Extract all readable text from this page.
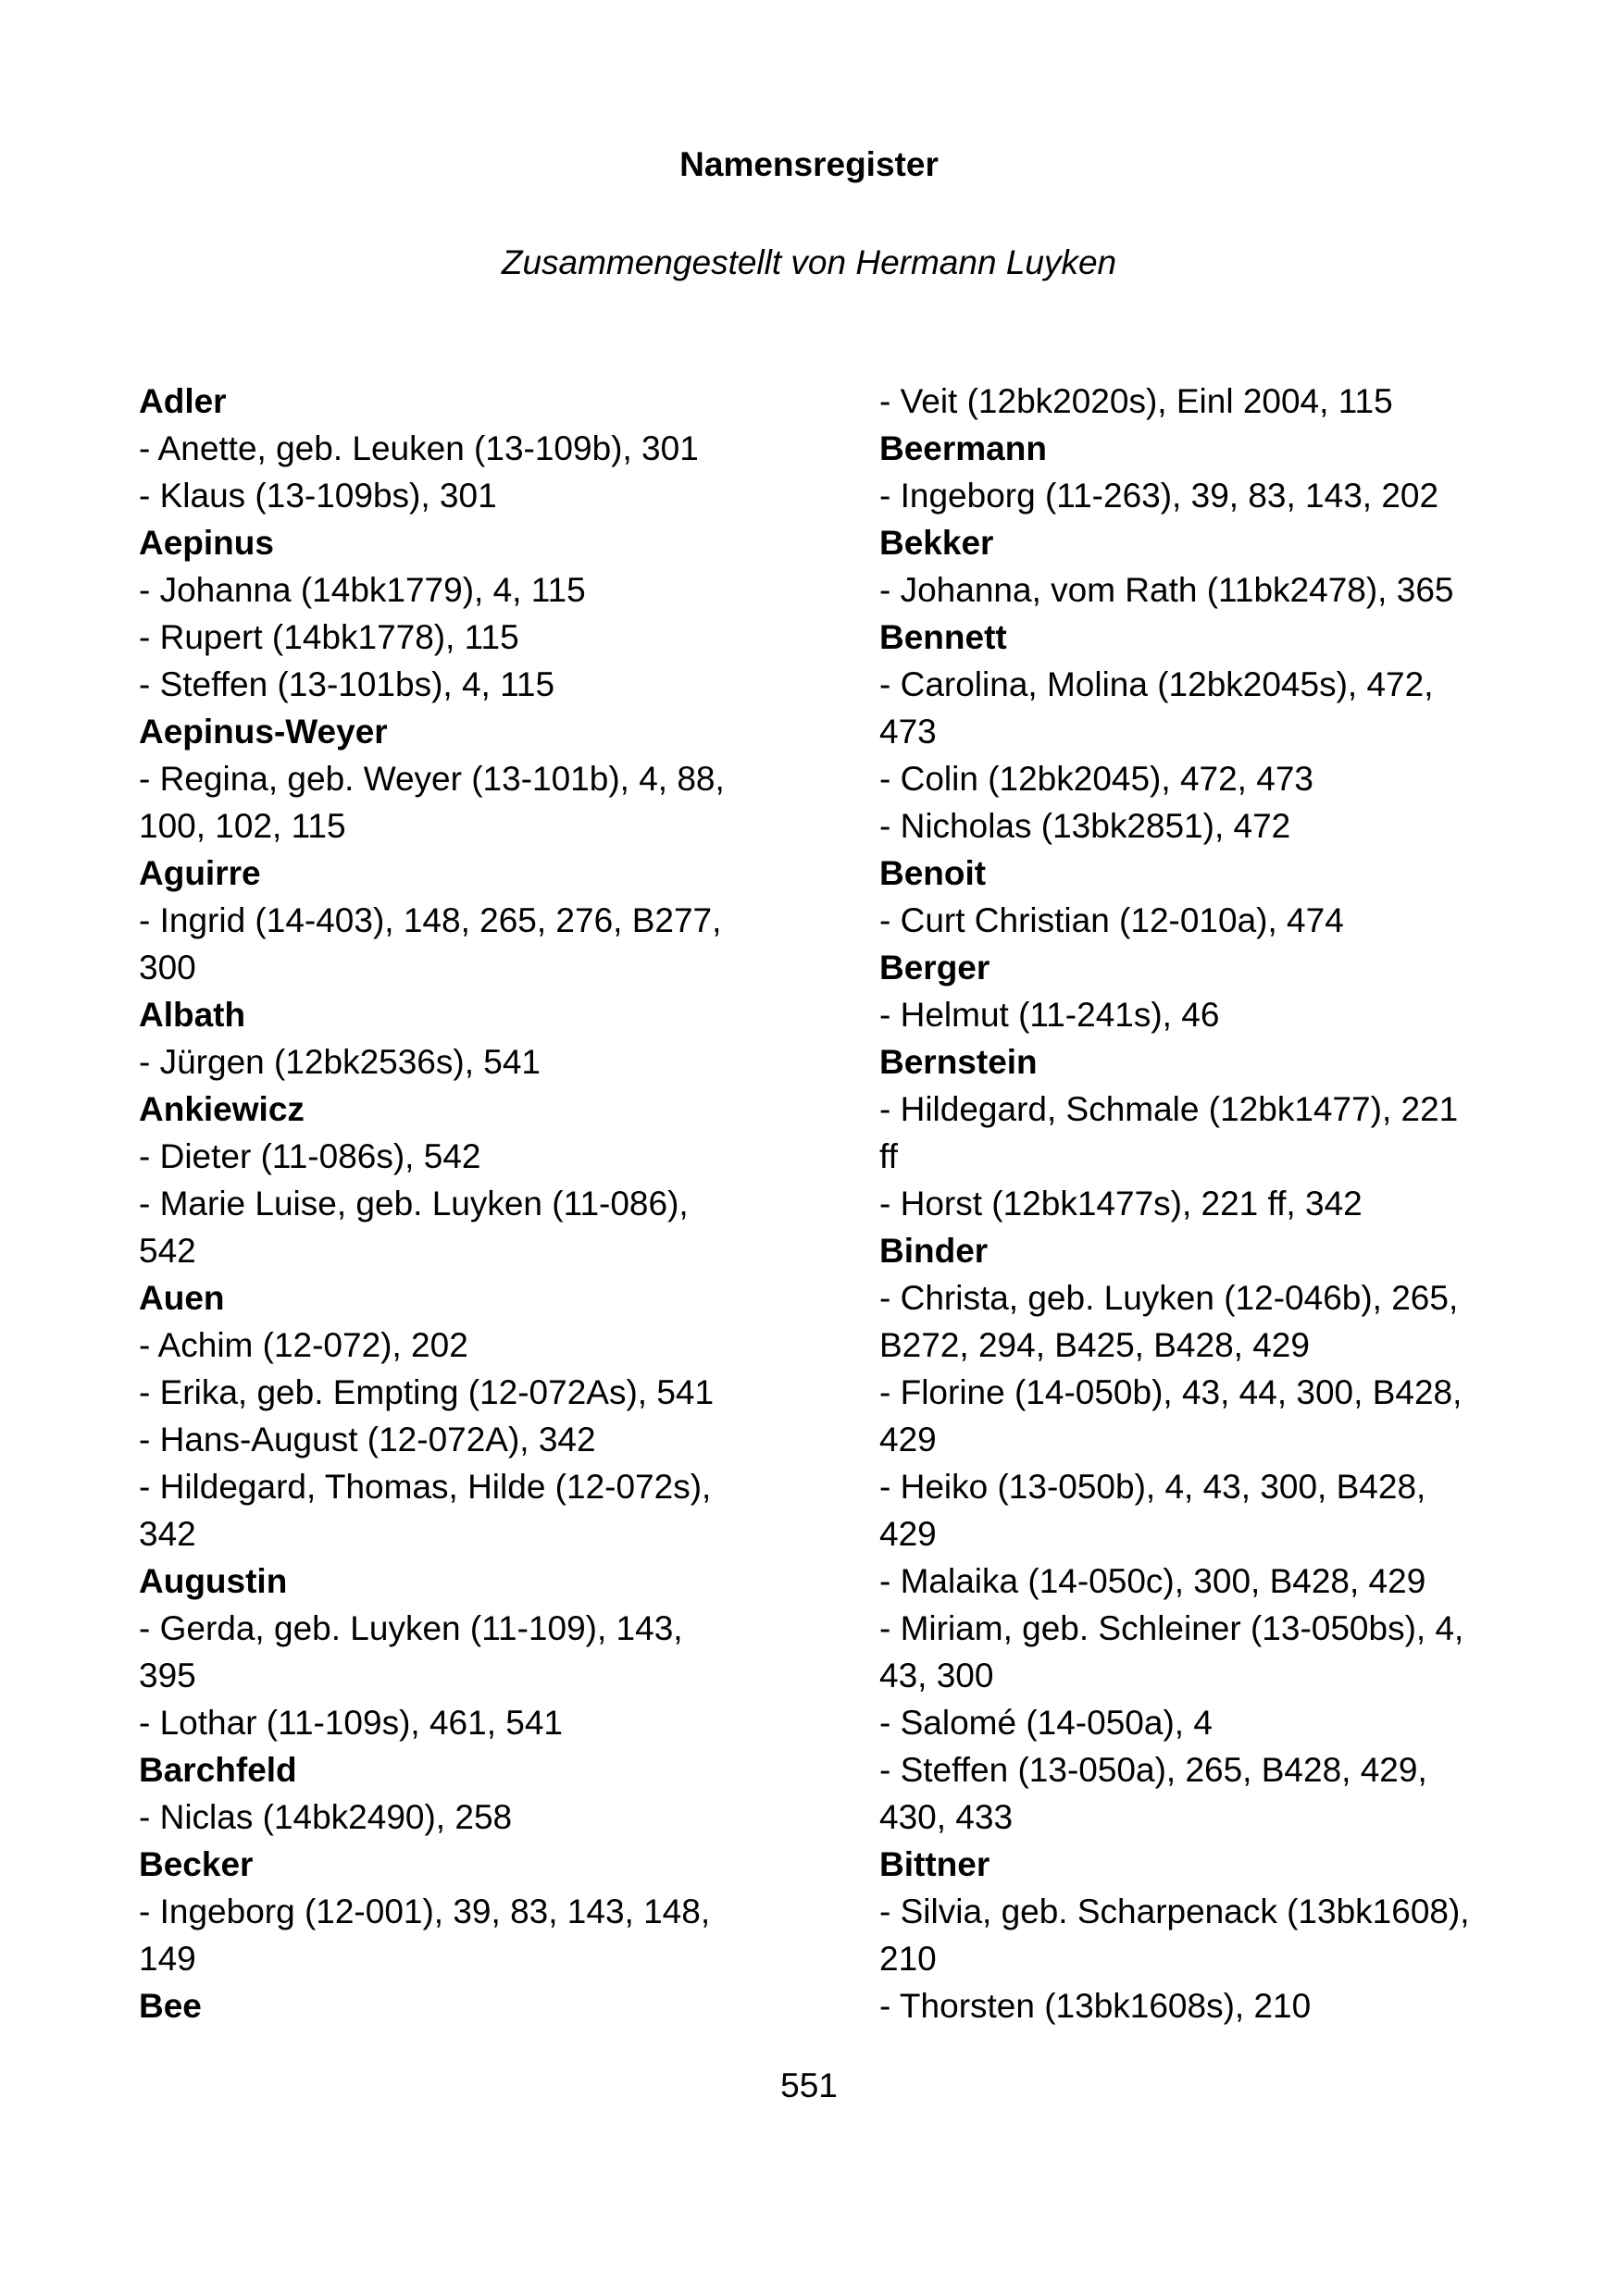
Namensregister
Zusammengestellt von Hermann Luyken
Adler
- Anette, geb. Leuken (13-109b), 301
- Klaus (13-109bs), 301
Aepinus
- Johanna (14bk1779), 4, 115
- Rupert (14bk1778), 115
- Steffen (13-101bs), 4, 115
Aepinus-Weyer
- Regina, geb. Weyer (13-101b), 4, 88,
100, 102, 115
Aguirre
- Ingrid (14-403), 148, 265, 276, B277,
300
Albath
- Jürgen (12bk2536s), 541
Ankiewicz
- Dieter (11-086s), 542
- Marie Luise, geb. Luyken (11-086),
542
Auen
- Achim (12-072), 202
- Erika, geb. Empting (12-072As), 541
- Hans-August (12-072A), 342
- Hildegard, Thomas, Hilde (12-072s),
342
Augustin
- Gerda, geb. Luyken (11-109), 143,
395
- Lothar (11-109s), 461, 541
Barchfeld
- Niclas (14bk2490), 258
Becker
- Ingeborg (12-001), 39, 83, 143, 148,
149
Bee
- Veit (12bk2020s), Einl 2004, 115
Beermann
- Ingeborg (11-263), 39, 83, 143, 202
Bekker
- Johanna, vom Rath (11bk2478), 365
Bennett
- Carolina, Molina (12bk2045s), 472,
473
- Colin (12bk2045), 472, 473
- Nicholas (13bk2851), 472
Benoit
- Curt Christian (12-010a), 474
Berger
- Helmut (11-241s), 46
Bernstein
- Hildegard, Schmale (12bk1477), 221
ff
- Horst (12bk1477s), 221 ff, 342
Binder
- Christa, geb. Luyken (12-046b), 265,
B272, 294, B425, B428, 429
- Florine (14-050b), 43, 44, 300, B428,
429
- Heiko (13-050b), 4, 43, 300, B428,
429
- Malaika (14-050c), 300, B428, 429
- Miriam, geb. Schleiner (13-050bs), 4,
43, 300
- Salomé (14-050a), 4
- Steffen (13-050a), 265, B428, 429,
430, 433
Bittner
- Silvia, geb. Scharpenack (13bk1608),
210
- Thorsten (13bk1608s), 210
551
